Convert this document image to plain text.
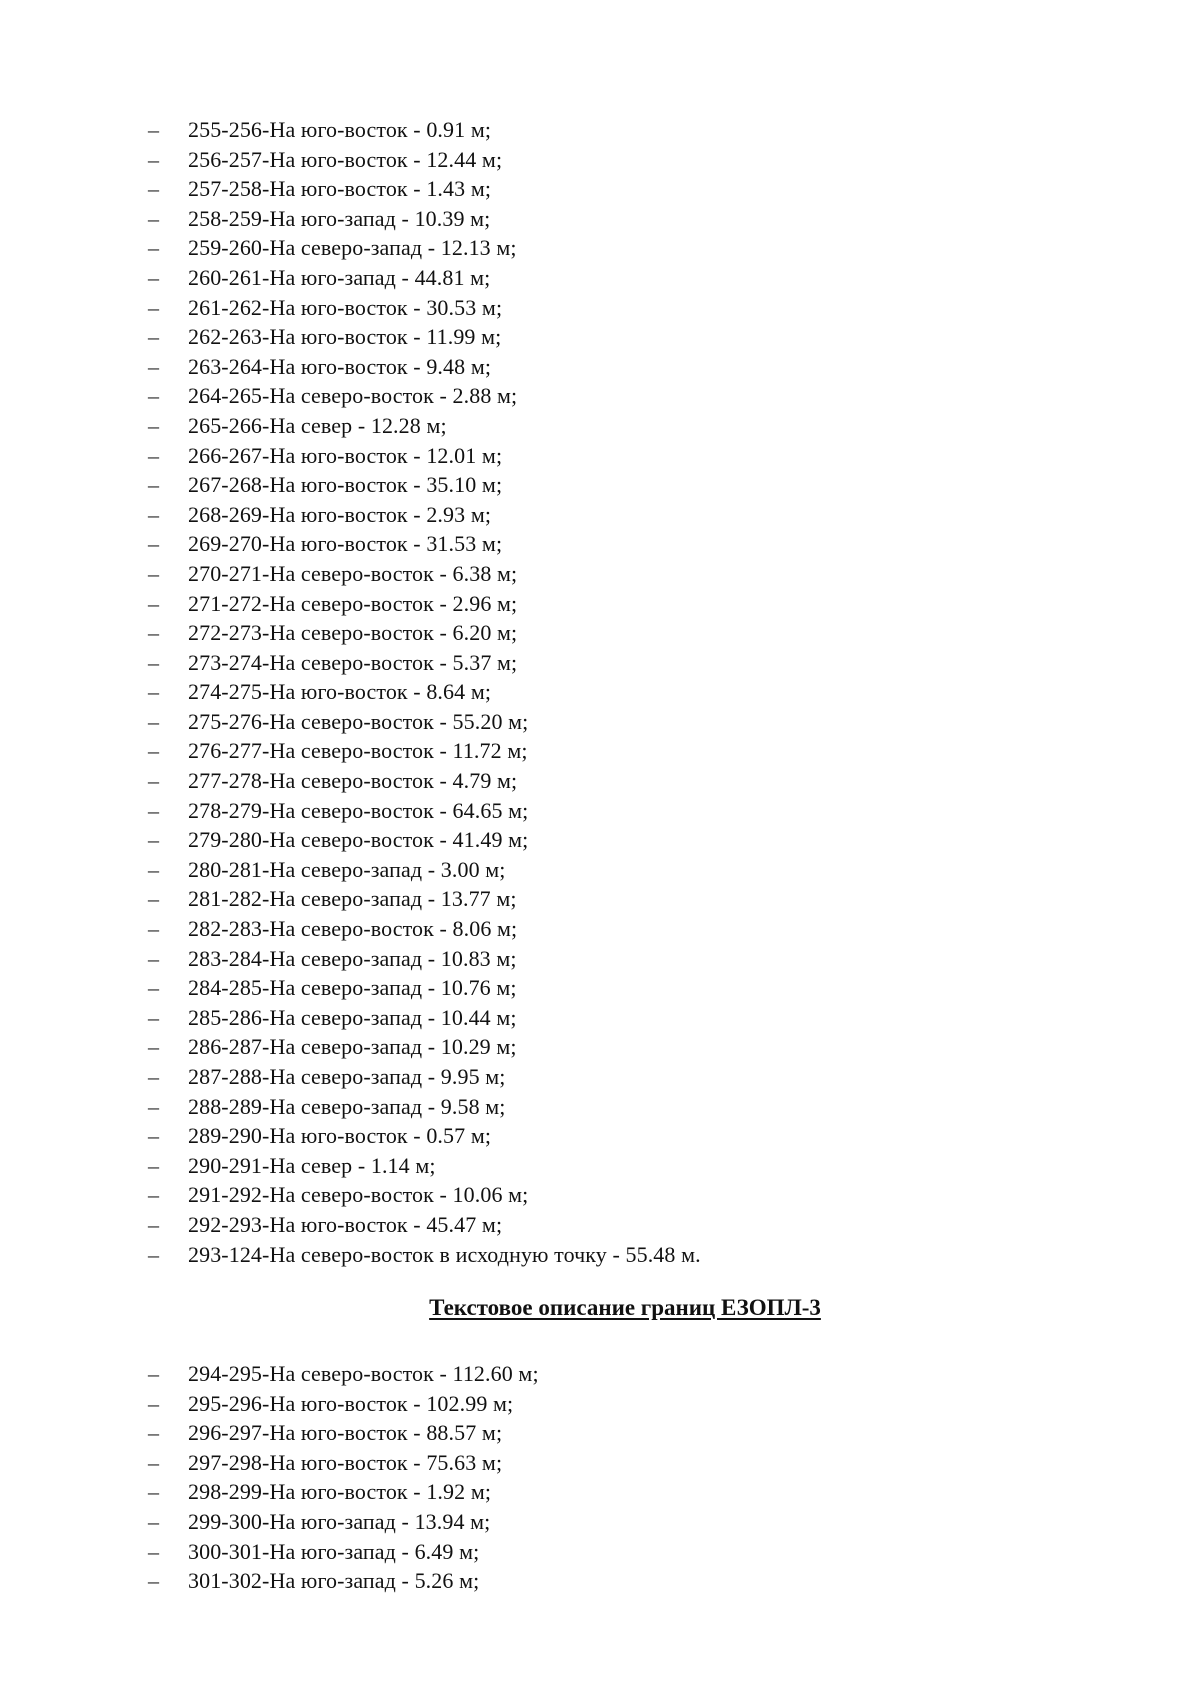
–	255-256-На юго-восток - 0.91 м;
–	256-257-На юго-восток - 12.44 м;
–	257-258-На юго-восток - 1.43 м;
–	258-259-На юго-запад - 10.39 м;
–	259-260-На северо-запад - 12.13 м;
–	260-261-На юго-запад - 44.81 м;
–	261-262-На юго-восток - 30.53 м;
–	262-263-На юго-восток - 11.99 м;
–	263-264-На юго-восток - 9.48 м;
–	264-265-На северо-восток - 2.88 м;
–	265-266-На север - 12.28 м;
–	266-267-На юго-восток - 12.01 м;
–	267-268-На юго-восток - 35.10 м;
–	268-269-На юго-восток - 2.93 м;
–	269-270-На юго-восток - 31.53 м;
–	270-271-На северо-восток - 6.38 м;
–	271-272-На северо-восток - 2.96 м;
–	272-273-На северо-восток - 6.20 м;
–	273-274-На северо-восток - 5.37 м;
–	274-275-На юго-восток - 8.64 м;
–	275-276-На северо-восток - 55.20 м;
–	276-277-На северо-восток - 11.72 м;
–	277-278-На северо-восток - 4.79 м;
–	278-279-На северо-восток - 64.65 м;
–	279-280-На северо-восток - 41.49 м;
–	280-281-На северо-запад - 3.00 м;
–	281-282-На северо-запад - 13.77 м;
–	282-283-На северо-восток - 8.06 м;
–	283-284-На северо-запад - 10.83 м;
–	284-285-На северо-запад - 10.76 м;
–	285-286-На северо-запад - 10.44 м;
–	286-287-На северо-запад - 10.29 м;
–	287-288-На северо-запад - 9.95 м;
–	288-289-На северо-запад - 9.58 м;
–	289-290-На юго-восток - 0.57 м;
–	290-291-На север - 1.14 м;
–	291-292-На северо-восток - 10.06 м;
–	292-293-На юго-восток - 45.47 м;
–	293-124-На северо-восток в исходную точку - 55.48 м.
Текстовое описание границ ЕЗОПЛ-3
–	294-295-На северо-восток - 112.60 м;
–	295-296-На юго-восток - 102.99 м;
–	296-297-На юго-восток - 88.57 м;
–	297-298-На юго-восток - 75.63 м;
–	298-299-На юго-восток - 1.92 м;
–	299-300-На юго-запад - 13.94 м;
–	300-301-На юго-запад - 6.49 м;
–	301-302-На юго-запад - 5.26 м;
